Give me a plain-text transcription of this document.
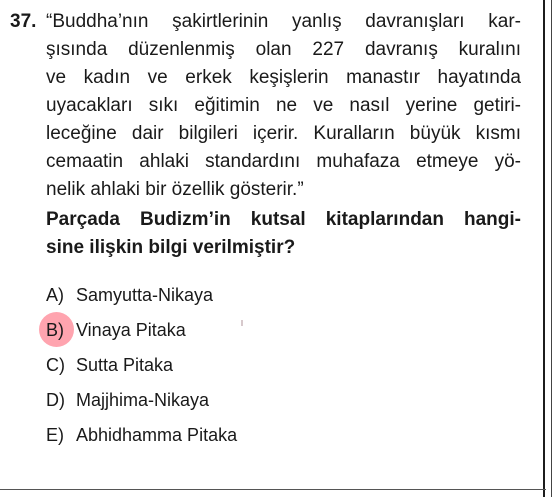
37. “Buddha’nın şakirtlerinin yanlış davranışları kar-
şısında düzenlenmiş olan 227 davranış kuralını
ve kadın ve erkek keşişlerin manastır hayatında
uyacakları sıkı eğitimin ne ve nasıl yerine getiri-
leceğine dair bilgileri içerir. Kuralların büyük kısmı
cemaatin ahlaki standardını muhafaza etmeye yö-
nelik ahlaki bir özellik gösterir.”
Parçada Budizm’in kutsal kitaplarından hangi-
sine ilişkin bilgi verilmiştir?
A) Samyutta-Nikaya
B) Vinaya Pitaka
C) Sutta Pitaka
D) Majjhima-Nikaya
E) Abhidhamma Pitaka
